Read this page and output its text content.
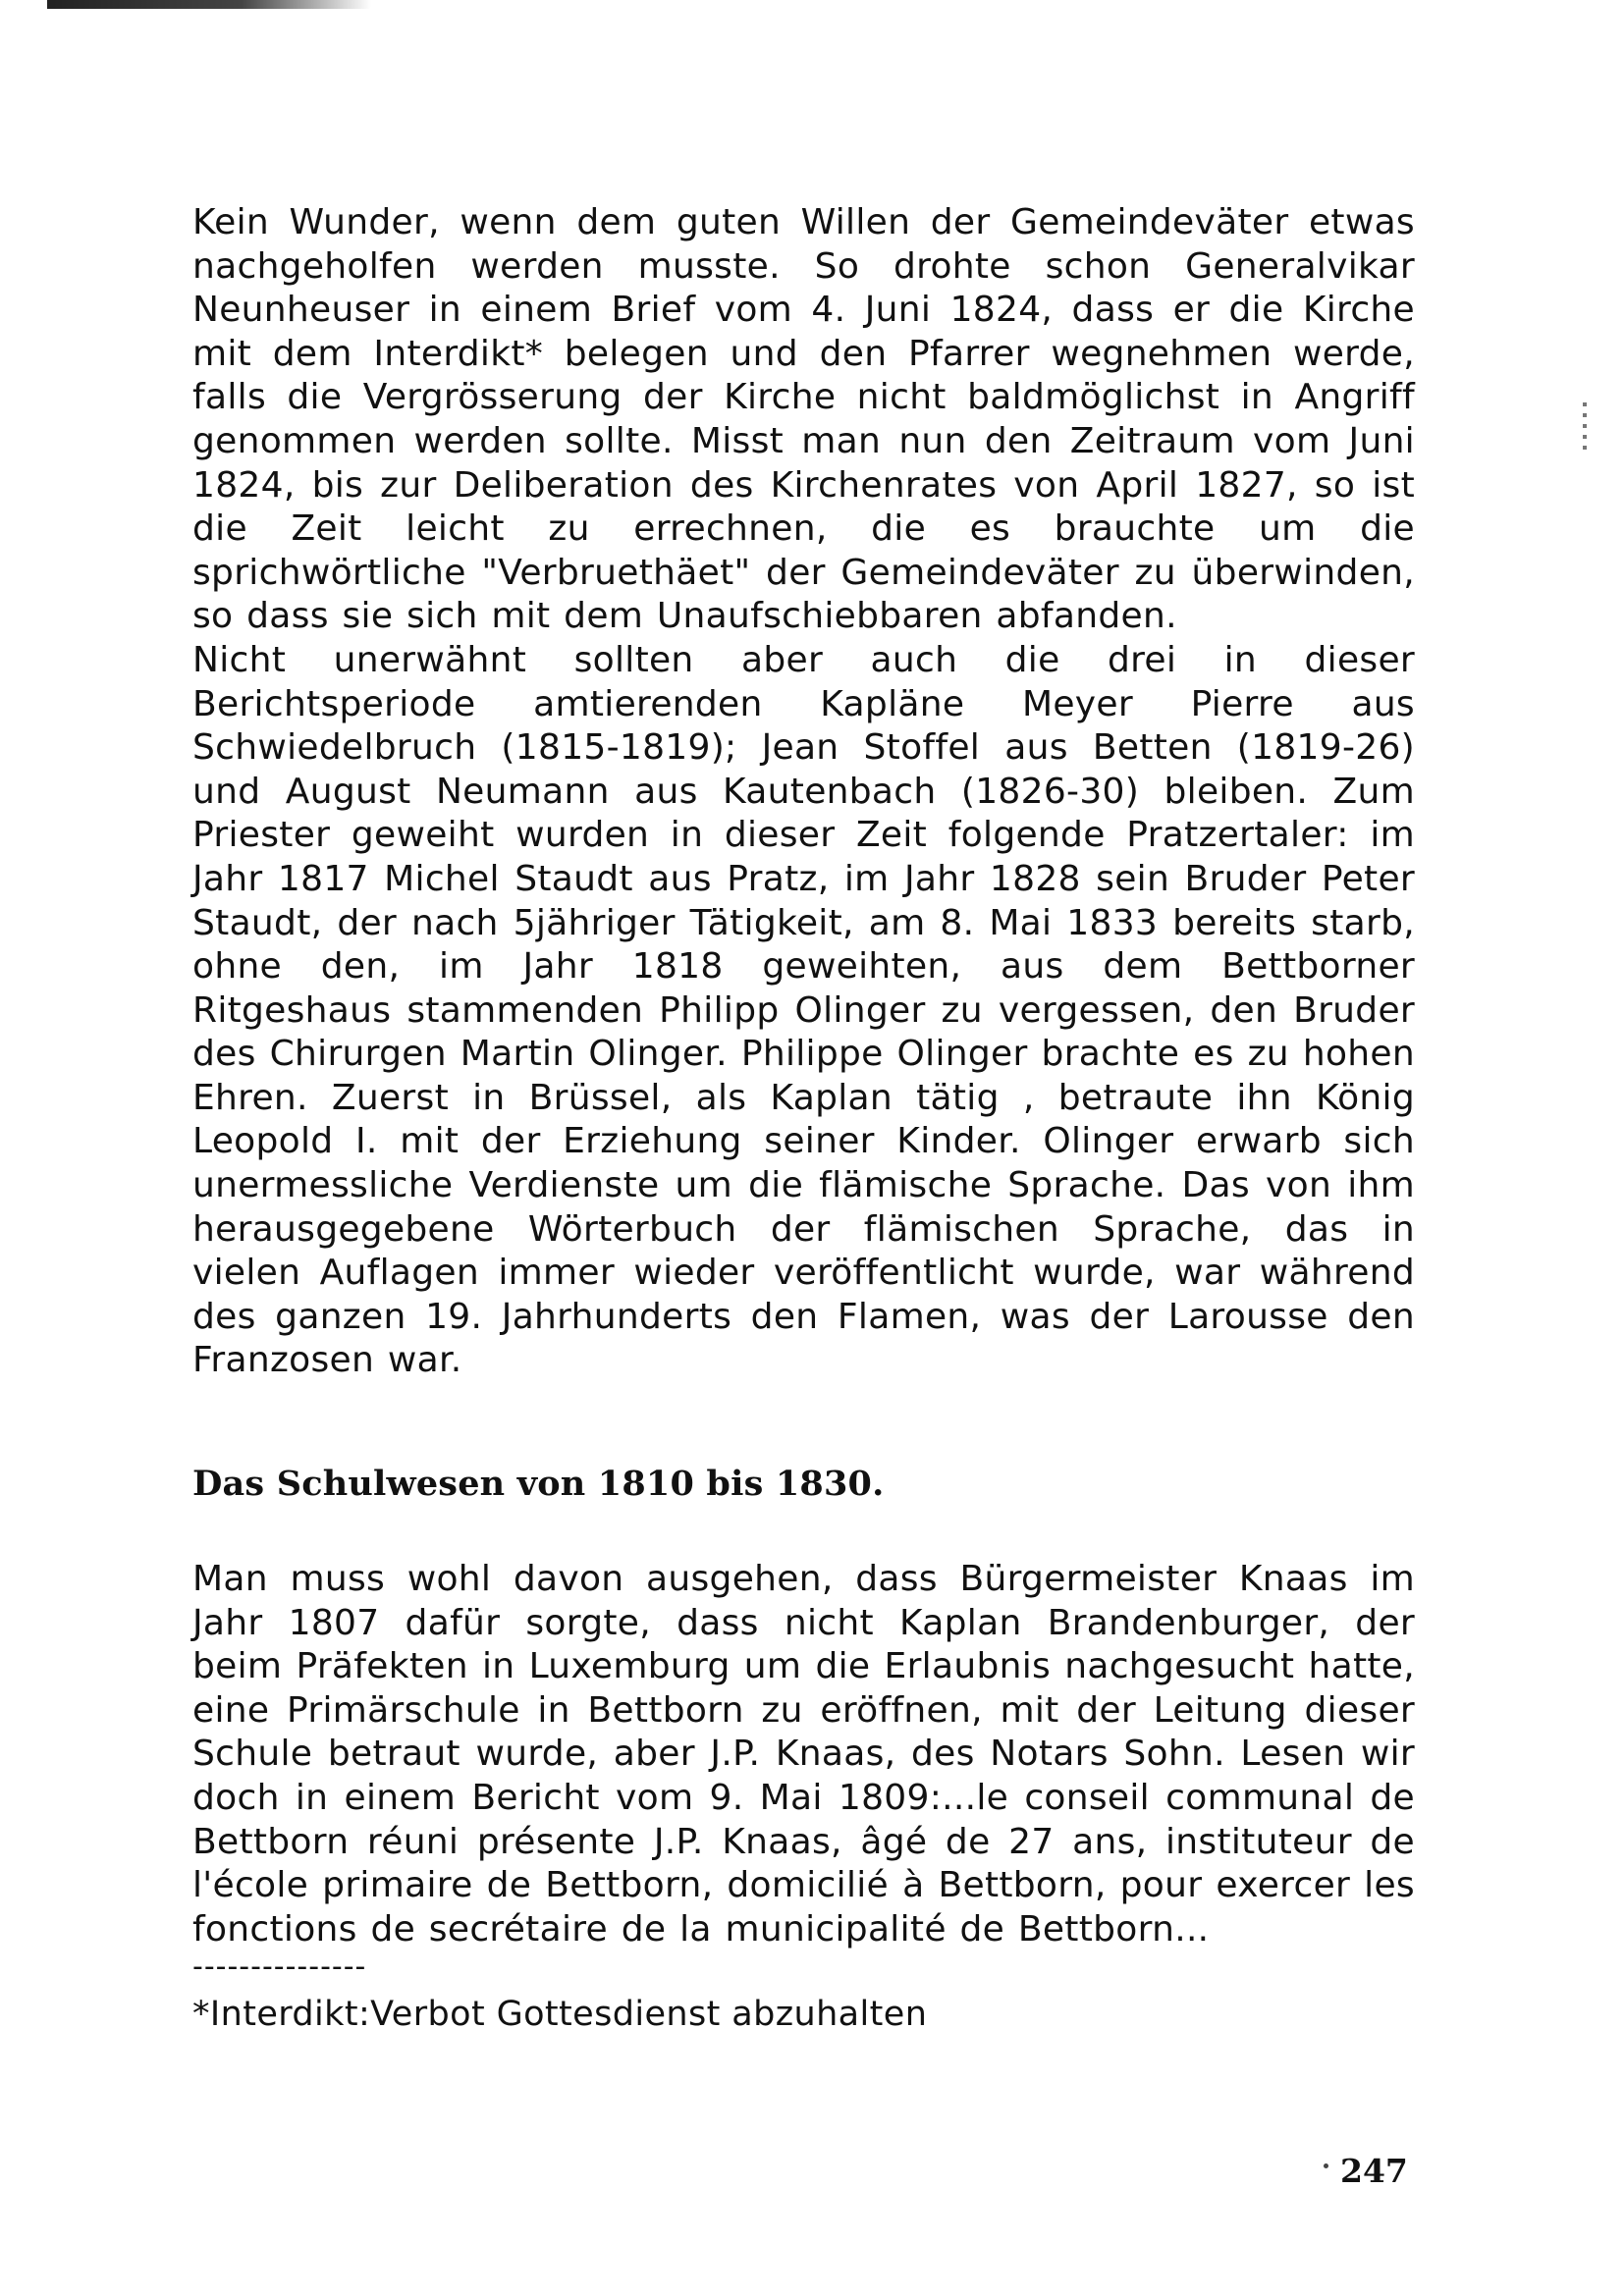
Kein Wunder, wenn dem guten Willen der Gemeindeväter etwas nachgeholfen werden musste. So drohte schon Generalvikar Neunheuser in einem Brief vom 4. Juni 1824, dass er die Kirche mit dem Interdikt* belegen und den Pfarrer wegnehmen werde, falls die Vergrösserung der Kirche nicht baldmöglichst in Angriff genommen werden sollte. Misst man nun den Zeitraum vom Juni 1824, bis zur Deliberation des Kirchenrates von April 1827, so ist die Zeit leicht zu errechnen, die es brauchte um die sprichwörtliche "Verbruethäet" der Gemeindeväter zu überwinden, so dass sie sich mit dem Unaufschiebbaren abfanden.

Nicht unerwähnt sollten aber auch die drei in dieser Berichtsperiode amtierenden Kapläne Meyer Pierre aus Schwiedelbruch (1815-1819); Jean Stoffel aus Betten (1819-26) und August Neumann aus Kautenbach (1826-30) bleiben. Zum Priester geweiht wurden in dieser Zeit folgende Pratzertaler: im Jahr 1817 Michel Staudt aus Pratz, im Jahr 1828 sein Bruder Peter Staudt, der nach 5jähriger Tätigkeit, am 8. Mai 1833 bereits starb, ohne den, im Jahr 1818 geweihten, aus dem Bettborner Ritgeshaus stammenden Philipp Olinger zu vergessen, den Bruder des Chirurgen Martin Olinger. Philippe Olinger brachte es zu hohen Ehren. Zuerst in Brüssel, als Kaplan tätig , betraute ihn König Leopold I. mit der Erziehung seiner Kinder. Olinger erwarb sich unermessliche Verdienste um die flämische Sprache. Das von ihm herausgegebene Wörterbuch der flämischen Sprache, das in vielen Auflagen immer wieder veröffentlicht wurde, war während des ganzen 19. Jahrhunderts den Flamen, was der Larousse den Franzosen war.

Das Schulwesen von 1810 bis 1830.

Man muss wohl davon ausgehen, dass Bürgermeister Knaas im Jahr 1807 dafür sorgte, dass nicht Kaplan Brandenburger, der beim Präfekten in Luxemburg um die Erlaubnis nachgesucht hatte, eine Primärschule in Bettborn zu eröffnen, mit der Leitung dieser Schule betraut wurde, aber J.P. Knaas, des Notars Sohn. Lesen wir doch in einem Bericht vom 9. Mai 1809:...le conseil communal de Bettborn réuni présente J.P. Knaas, âgé de 27 ans, instituteur de l'école primaire de Bettborn, domicilié à Bettborn, pour exercer les fonctions de secrétaire de la municipalité de Bettborn...

---------------

*Interdikt:Verbot Gottesdienst abzuhalten

247
